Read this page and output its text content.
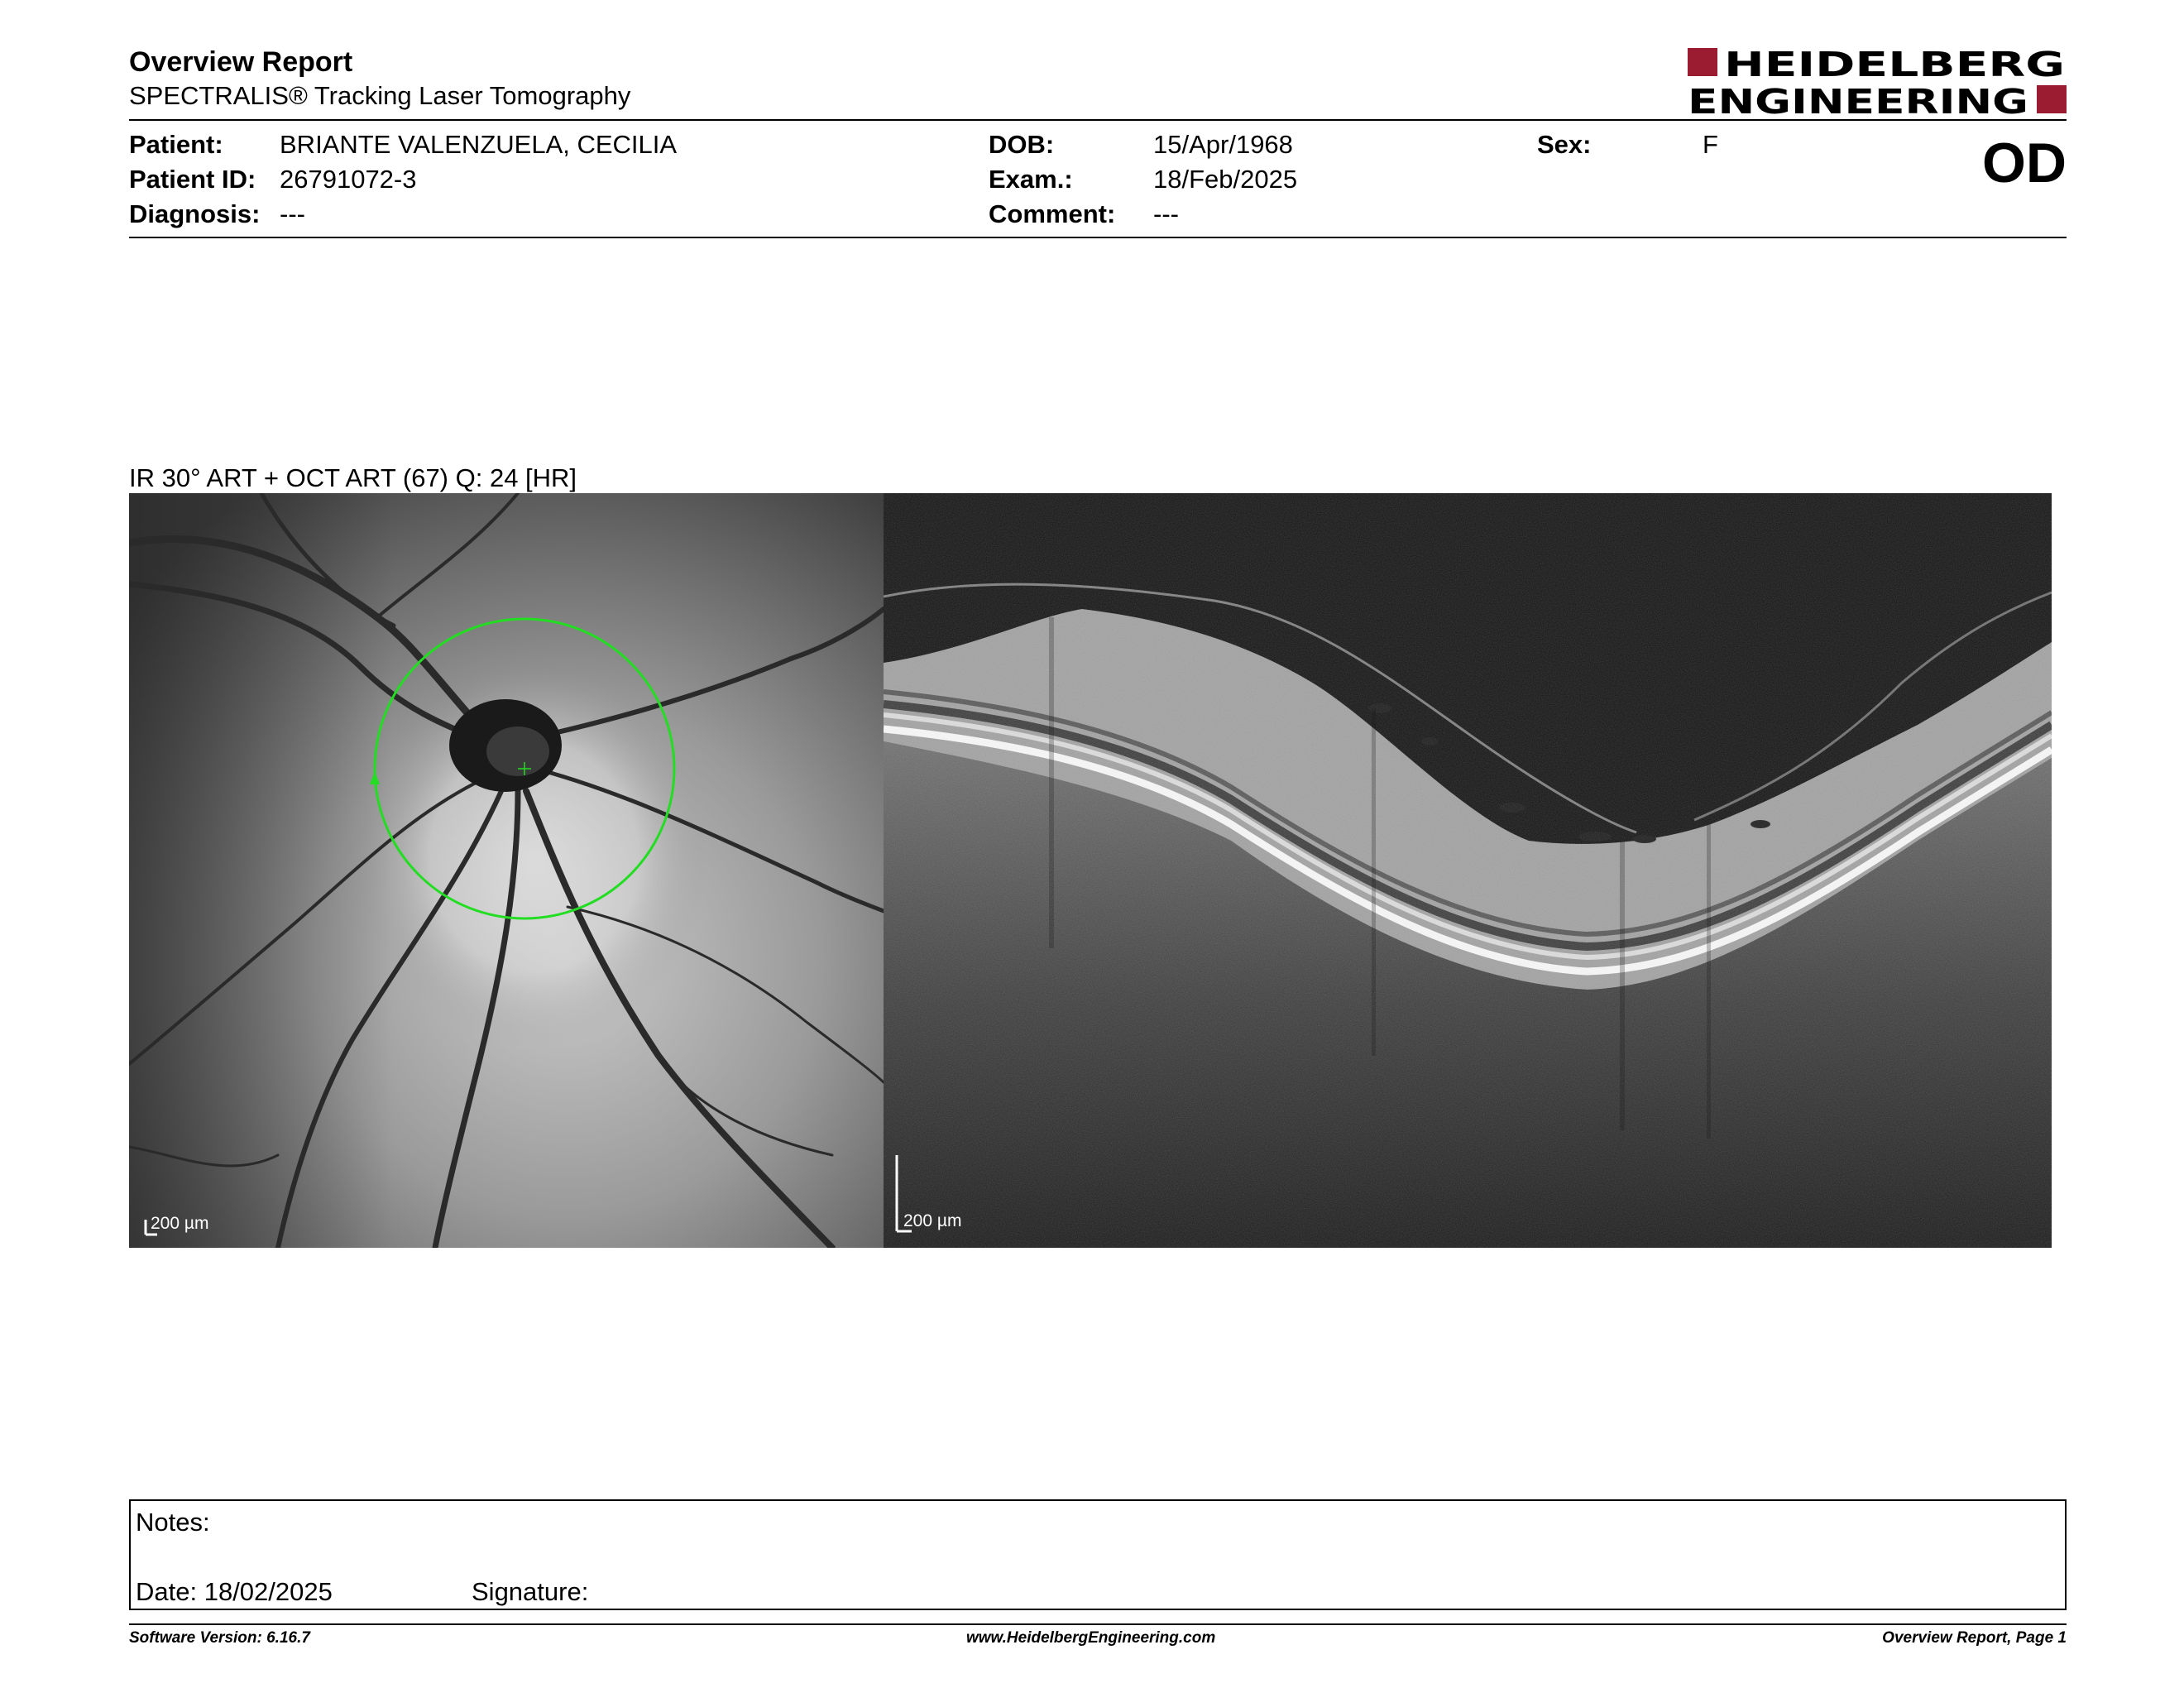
Overview Report
SPECTRALIS® Tracking Laser Tomography
HEIDELBERG
ENGINEERING
Patient: BRIANTE VALENZUELA, CECILIA
Patient ID: 26791072-3
Diagnosis: ---
DOB:	15/Apr/1968
Exam.:	18/Feb/2025
Comment: ---
Sex:	F	OD
IR 30° ART + OCT ART (67) Q: 24 [HR]
200 µm	200 µm
Notes:
Date: 18/02/2025	Signature:
Software Version: 6.16.7	www.HeidelbergEngineering.com	Overview Report, Page 1
